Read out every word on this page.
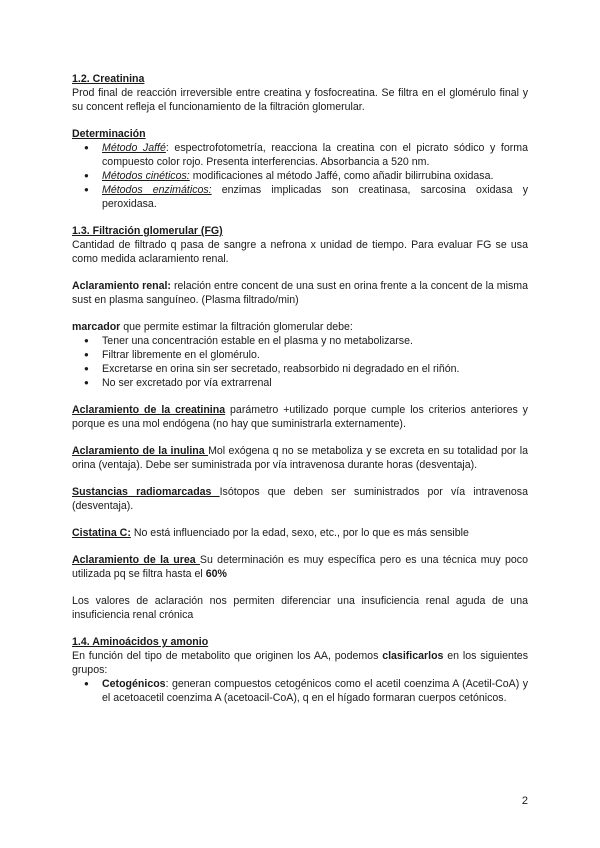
1.2. Creatinina

Prod final de reacción irreversible entre creatina y fosfocreatina. Se filtra en el glomérulo final y su concent refleja el funcionamiento de la filtración glomerular.

Determinación

● Método Jaffé: espectrofotometría, reacciona la creatina con el picrato sódico y forma compuesto color rojo. Presenta interferencias. Absorbancia a 520 nm.
● Métodos cinéticos: modificaciones al método Jaffé, como añadir bilirrubina oxidasa.
● Métodos enzimáticos: enzimas implicadas son creatinasa, sarcosina oxidasa y peroxidasa.

1.3. Filtración glomerular (FG)

Cantidad de filtrado q pasa de sangre a nefrona x unidad de tiempo. Para evaluar FG se usa como medida aclaramiento renal.

Aclaramiento renal: relación entre concent de una sust en orina frente a la concent de la misma sust en plasma sanguíneo. (Plasma filtrado/min)

marcador que permite estimar la filtración glomerular debe:

● Tener una concentración estable en el plasma y no metabolizarse.
● Filtrar libremente en el glomérulo.
● Excretarse en orina sin ser secretado, reabsorbido ni degradado en el riñón.
● No ser excretado por vía extrarrenal

Aclaramiento de la creatinina parámetro +utilizado porque cumple los criterios anteriores y porque es una mol endógena (no hay que suministrarla externamente).

Aclaramiento de la inulina Mol exógena q no se metaboliza y se excreta en su totalidad por la orina (ventaja). Debe ser suministrada por vía intravenosa durante horas (desventaja).

Sustancias radiomarcadas Isótopos que deben ser suministrados por vía intravenosa (desventaja).

Cistatina C: No está influenciado por la edad, sexo, etc., por lo que es más sensible

Aclaramiento de la urea Su determinación es muy específica pero es una técnica muy poco utilizada pq se filtra hasta el 60%

Los valores de aclaración nos permiten diferenciar una insuficiencia renal aguda de una insuficiencia renal crónica

1.4. Aminoácidos y amonio

En función del tipo de metabolito que originen los AA, podemos clasificarlos en los siguientes grupos:

● Cetogénicos: generan compuestos cetogénicos como el acetil coenzima A (Acetil-CoA) y el acetoacetil coenzima A (acetoacil-CoA), q en el hígado formaran cuerpos cetónicos.
2
